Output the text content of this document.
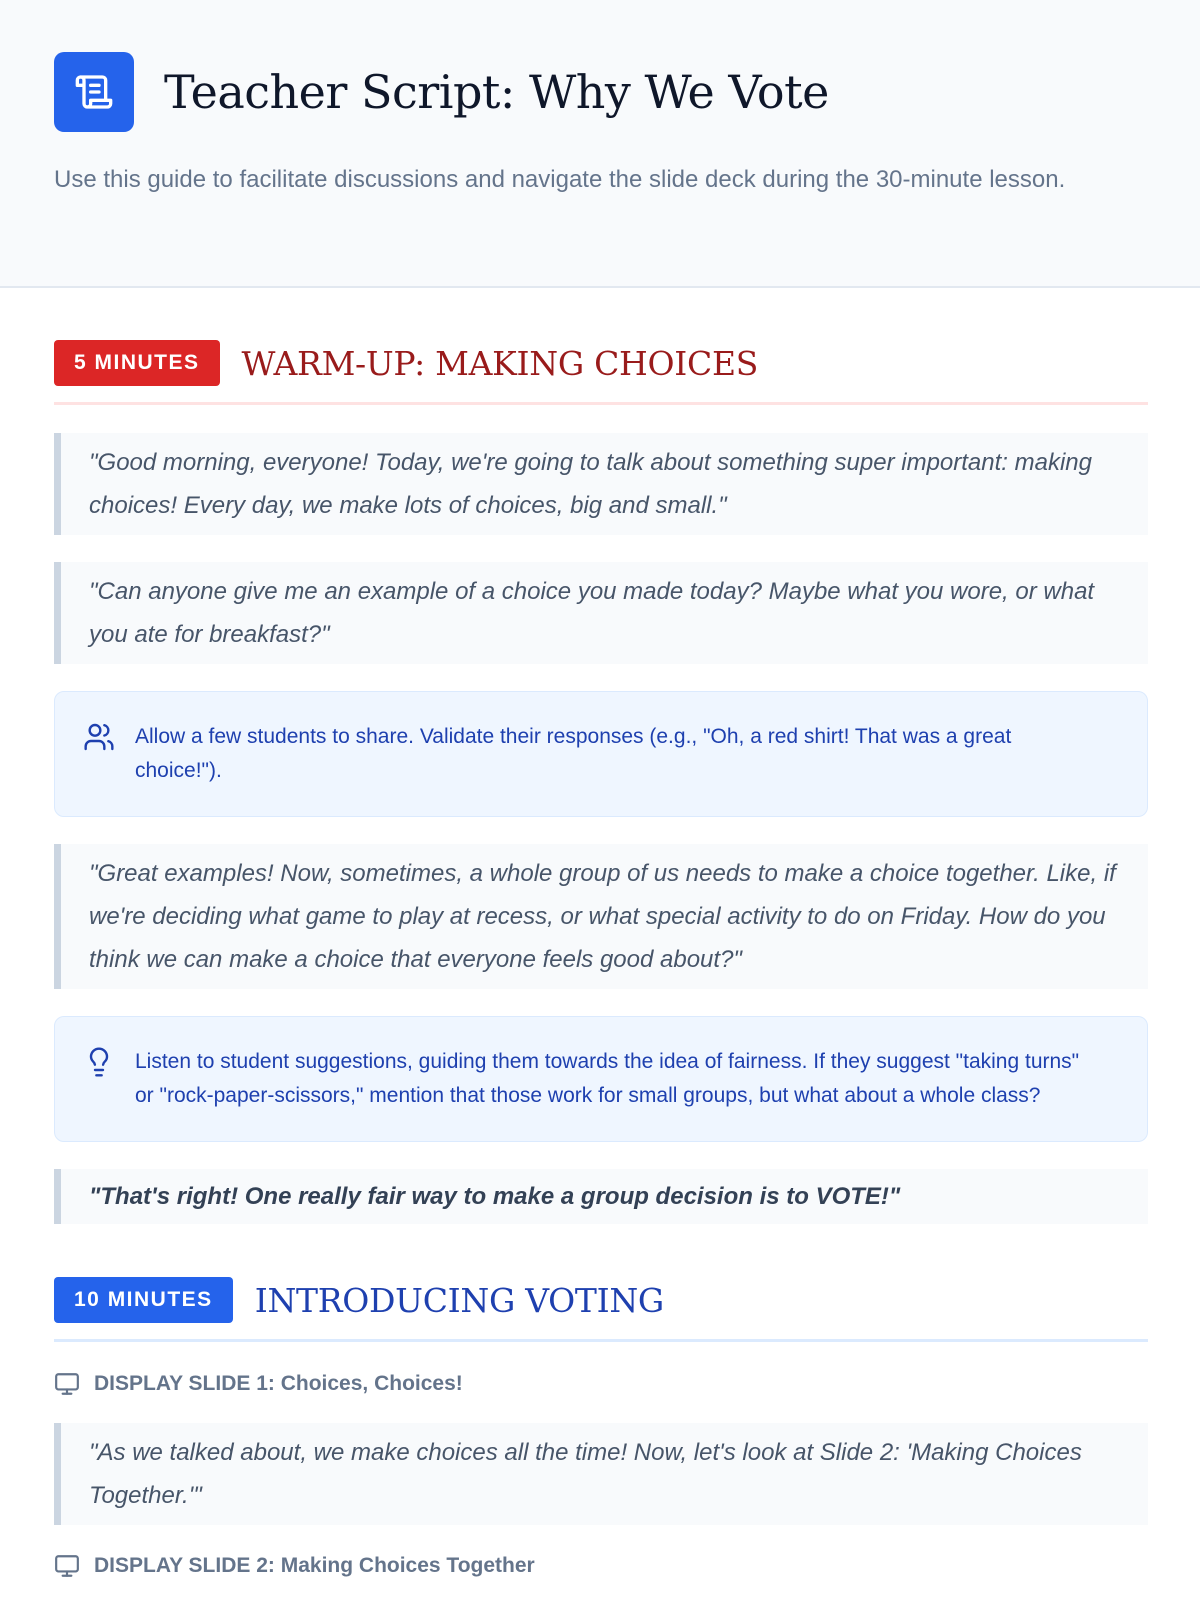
Teacher Script: Why We Vote
Use this guide to facilitate discussions and navigate the slide deck during the 30-minute lesson.
5 MINUTES	WARM-UP: MAKING CHOICES
"Good morning, everyone! Today, we're going to talk about something super important: making choices! Every day, we make lots of choices, big and small."
"Can anyone give me an example of a choice you made today? Maybe what you wore, or what you ate for breakfast?"
Allow a few students to share. Validate their responses (e.g., "Oh, a red shirt! That was a great choice!").
"Great examples! Now, sometimes, a whole group of us needs to make a choice together. Like, if we're deciding what game to play at recess, or what special activity to do on Friday. How do you think we can make a choice that everyone feels good about?"
Listen to student suggestions, guiding them towards the idea of fairness. If they suggest "taking turns" or "rock-paper-scissors," mention that those work for small groups, but what about a whole class?
"That's right! One really fair way to make a group decision is to VOTE!"
10 MINUTES	INTRODUCING VOTING
DISPLAY SLIDE 1: Choices, Choices!
"As we talked about, we make choices all the time! Now, let's look at Slide 2: 'Making Choices Together.'"
DISPLAY SLIDE 2: Making Choices Together
